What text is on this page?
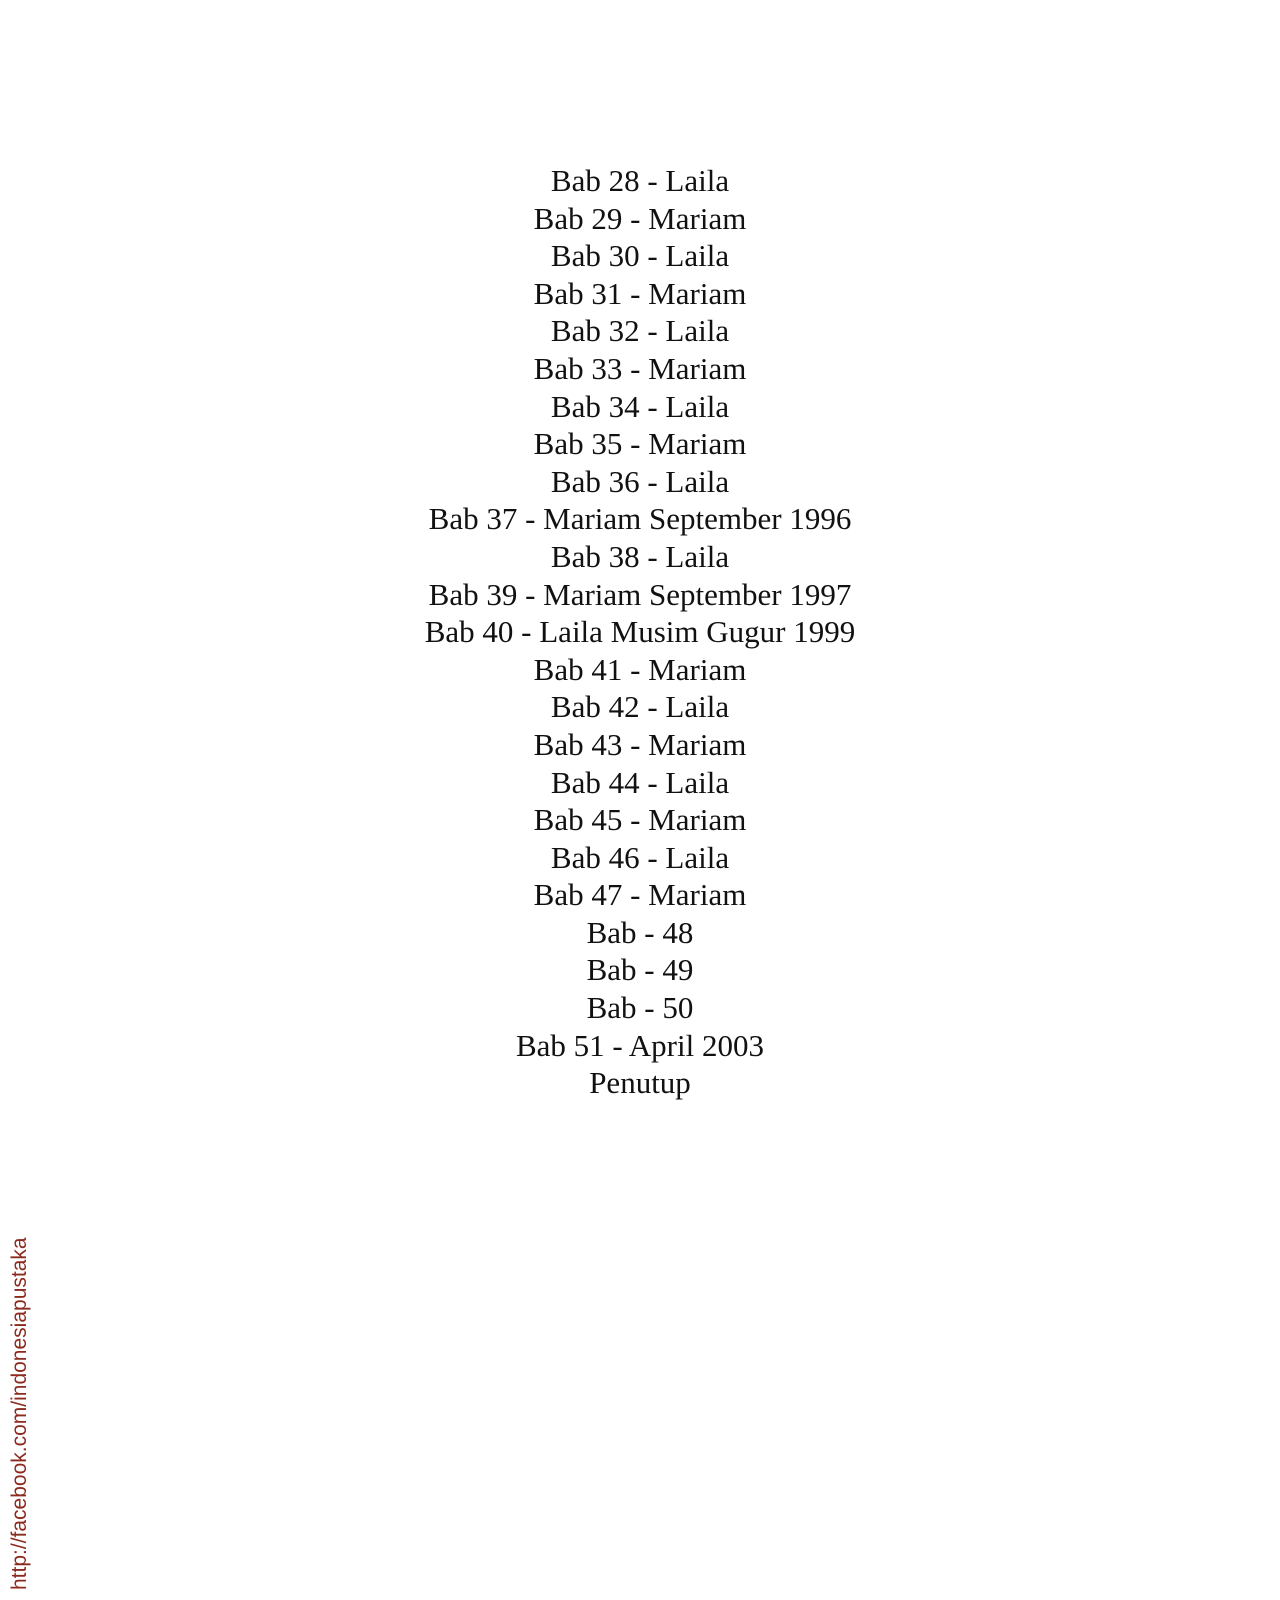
Bab 28 - Laila
Bab 29 - Mariam
Bab 30 - Laila
Bab 31 - Mariam
Bab 32 - Laila
Bab 33 - Mariam
Bab 34 - Laila
Bab 35 - Mariam
Bab 36 - Laila
Bab 37 - Mariam September 1996
Bab 38 - Laila
Bab 39 - Mariam September 1997
Bab 40 - Laila Musim Gugur 1999
Bab 41 - Mariam
Bab 42 - Laila
Bab 43 - Mariam
Bab 44 - Laila
Bab 45 - Mariam
Bab 46 - Laila
Bab 47 - Mariam
Bab - 48
Bab - 49
Bab - 50
Bab 51 - April 2003
Penutup
http://facebook.com/indonesiapustaka
